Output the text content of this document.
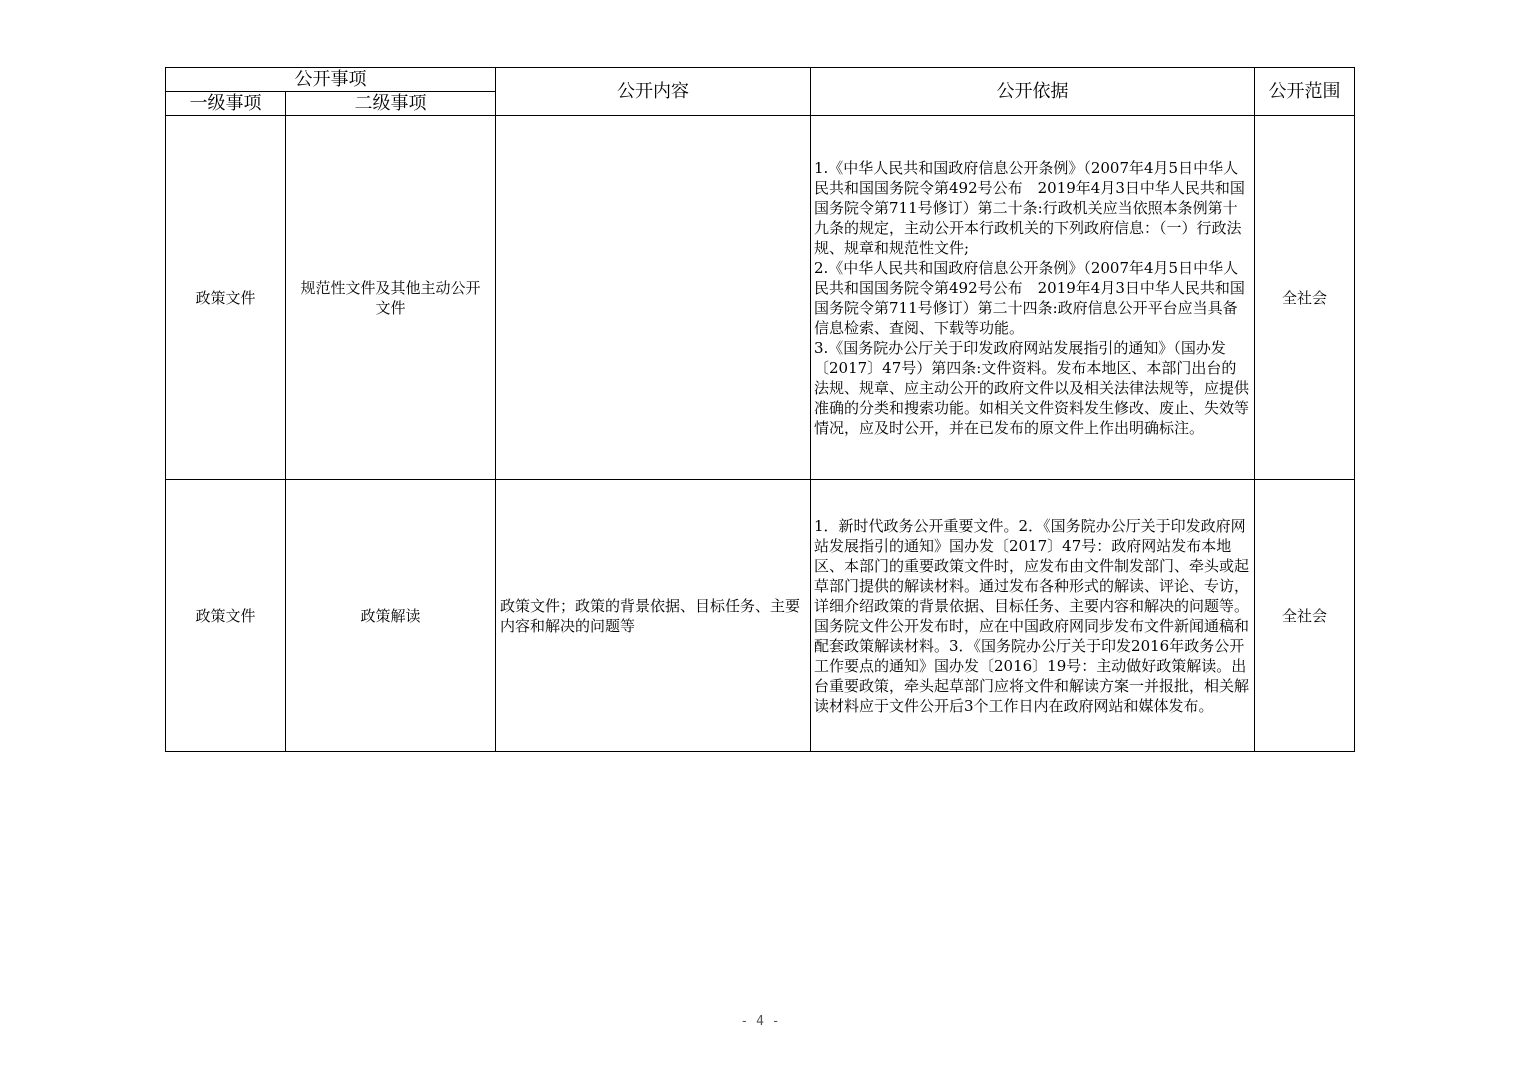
公开事项		公开内容	公开依据	公开范围
一级事项	二级事项			
政策文件	规范性文件及其他主动公开文件		1.《中华人民共和国政府信息公开条例》（2007年4月5日中华人民共和国国务院令第492号公布　2019年4月3日中华人民共和国国务院令第711号修订）第二十条:行政机关应当依照本条例第十九条的规定，主动公开本行政机关的下列政府信息：（一）行政法规、规章和规范性文件;

2.《中华人民共和国政府信息公开条例》（2007年4月5日中华人民共和国国务院令第492号公布　2019年4月3日中华人民共和国国务院令第711号修订）第二十四条:政府信息公开平台应当具备信息检索、查阅、下载等功能。

3.《国务院办公厅关于印发政府网站发展指引的通知》（国办发〔2017〕47号）第四条:文件资料。发布本地区、本部门出台的法规、规章、应主动公开的政府文件以及相关法律法规等，应提供准确的分类和搜索功能。如相关文件资料发生修改、废止、失效等情况，应及时公开，并在已发布的原文件上作出明确标注。	全社会
政策文件	政策解读	政策文件；政策的背景依据、目标任务、主要内容和解决的问题等	1．新时代政务公开重要文件。2．《国务院办公厅关于印发政府网站发展指引的通知》国办发〔2017〕47号：政府网站发布本地区、本部门的重要政策文件时，应发布由文件制发部门、牵头或起草部门提供的解读材料。通过发布各种形式的解读、评论、专访，详细介绍政策的背景依据、目标任务、主要内容和解决的问题等。国务院文件公开发布时，应在中国政府网同步发布文件新闻通稿和配套政策解读材料。3．《国务院办公厅关于印发2016年政务公开工作要点的通知》国办发〔2016〕19号：主动做好政策解读。出台重要政策，牵头起草部门应将文件和解读方案一并报批，相关解读材料应于文件公开后3个工作日内在政府网站和媒体发布。	全社会
- 4 -
